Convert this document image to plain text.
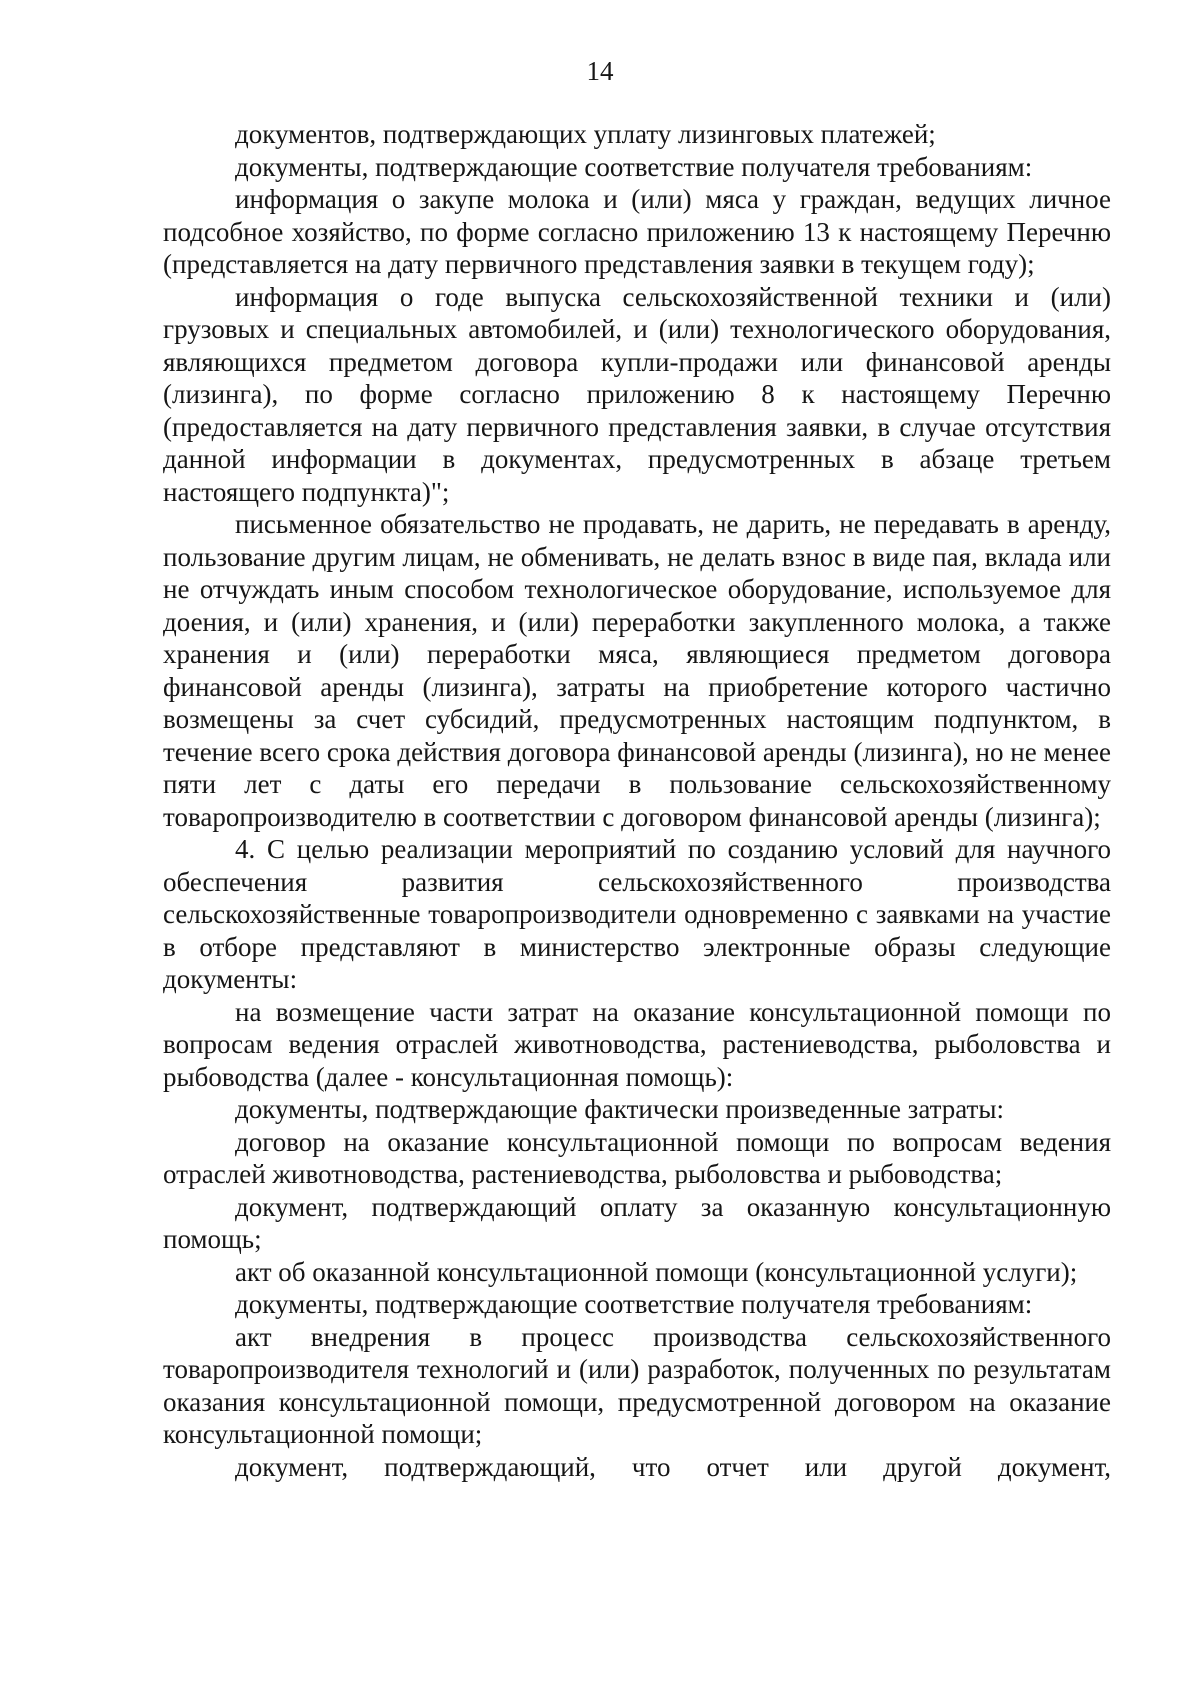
14

документов, подтверждающих уплату лизинговых платежей;

документы, подтверждающие соответствие получателя требованиям:

информация о закупе молока и (или) мяса у граждан, ведущих личное подсобное хозяйство, по форме согласно приложению 13 к настоящему Перечню (представляется на дату первичного представления заявки в текущем году);

информация о годе выпуска сельскохозяйственной техники и (или) грузовых и специальных автомобилей, и (или) технологического оборудования, являющихся предметом договора купли-продажи или финансовой аренды (лизинга), по форме согласно приложению 8 к настоящему Перечню (предоставляется на дату первичного представления заявки, в случае отсутствия данной информации в документах, предусмотренных в абзаце третьем настоящего подпункта)";

письменное обязательство не продавать, не дарить, не передавать в аренду, пользование другим лицам, не обменивать, не делать взнос в виде пая, вклада или не отчуждать иным способом технологическое оборудование, используемое для доения, и (или) хранения, и (или) переработки закупленного молока, а также хранения и (или) переработки мяса, являющиеся предметом договора финансовой аренды (лизинга), затраты на приобретение которого частично возмещены за счет субсидий, предусмотренных настоящим подпунктом, в течение всего срока действия договора финансовой аренды (лизинга), но не менее пяти лет с даты его передачи в пользование сельскохозяйственному товаропроизводителю в соответствии с договором финансовой аренды (лизинга);

4. С целью реализации мероприятий по созданию условий для научного обеспечения развития сельскохозяйственного производства сельскохозяйственные товаропроизводители одновременно с заявками на участие в отборе представляют в министерство электронные образы следующие документы:

на возмещение части затрат на оказание консультационной помощи по вопросам ведения отраслей животноводства, растениеводства, рыболовства и рыбоводства (далее - консультационная помощь):

документы, подтверждающие фактически произведенные затраты:

договор на оказание консультационной помощи по вопросам ведения отраслей животноводства, растениеводства, рыболовства и рыбоводства;

документ, подтверждающий оплату за оказанную консультационную помощь;

акт об оказанной консультационной помощи (консультационной услуги);

документы, подтверждающие соответствие получателя требованиям:

акт внедрения в процесс производства сельскохозяйственного товаропроизводителя технологий и (или) разработок, полученных по результатам оказания консультационной помощи, предусмотренной договором на оказание консультационной помощи;

документ, подтверждающий, что отчет или другой документ,
